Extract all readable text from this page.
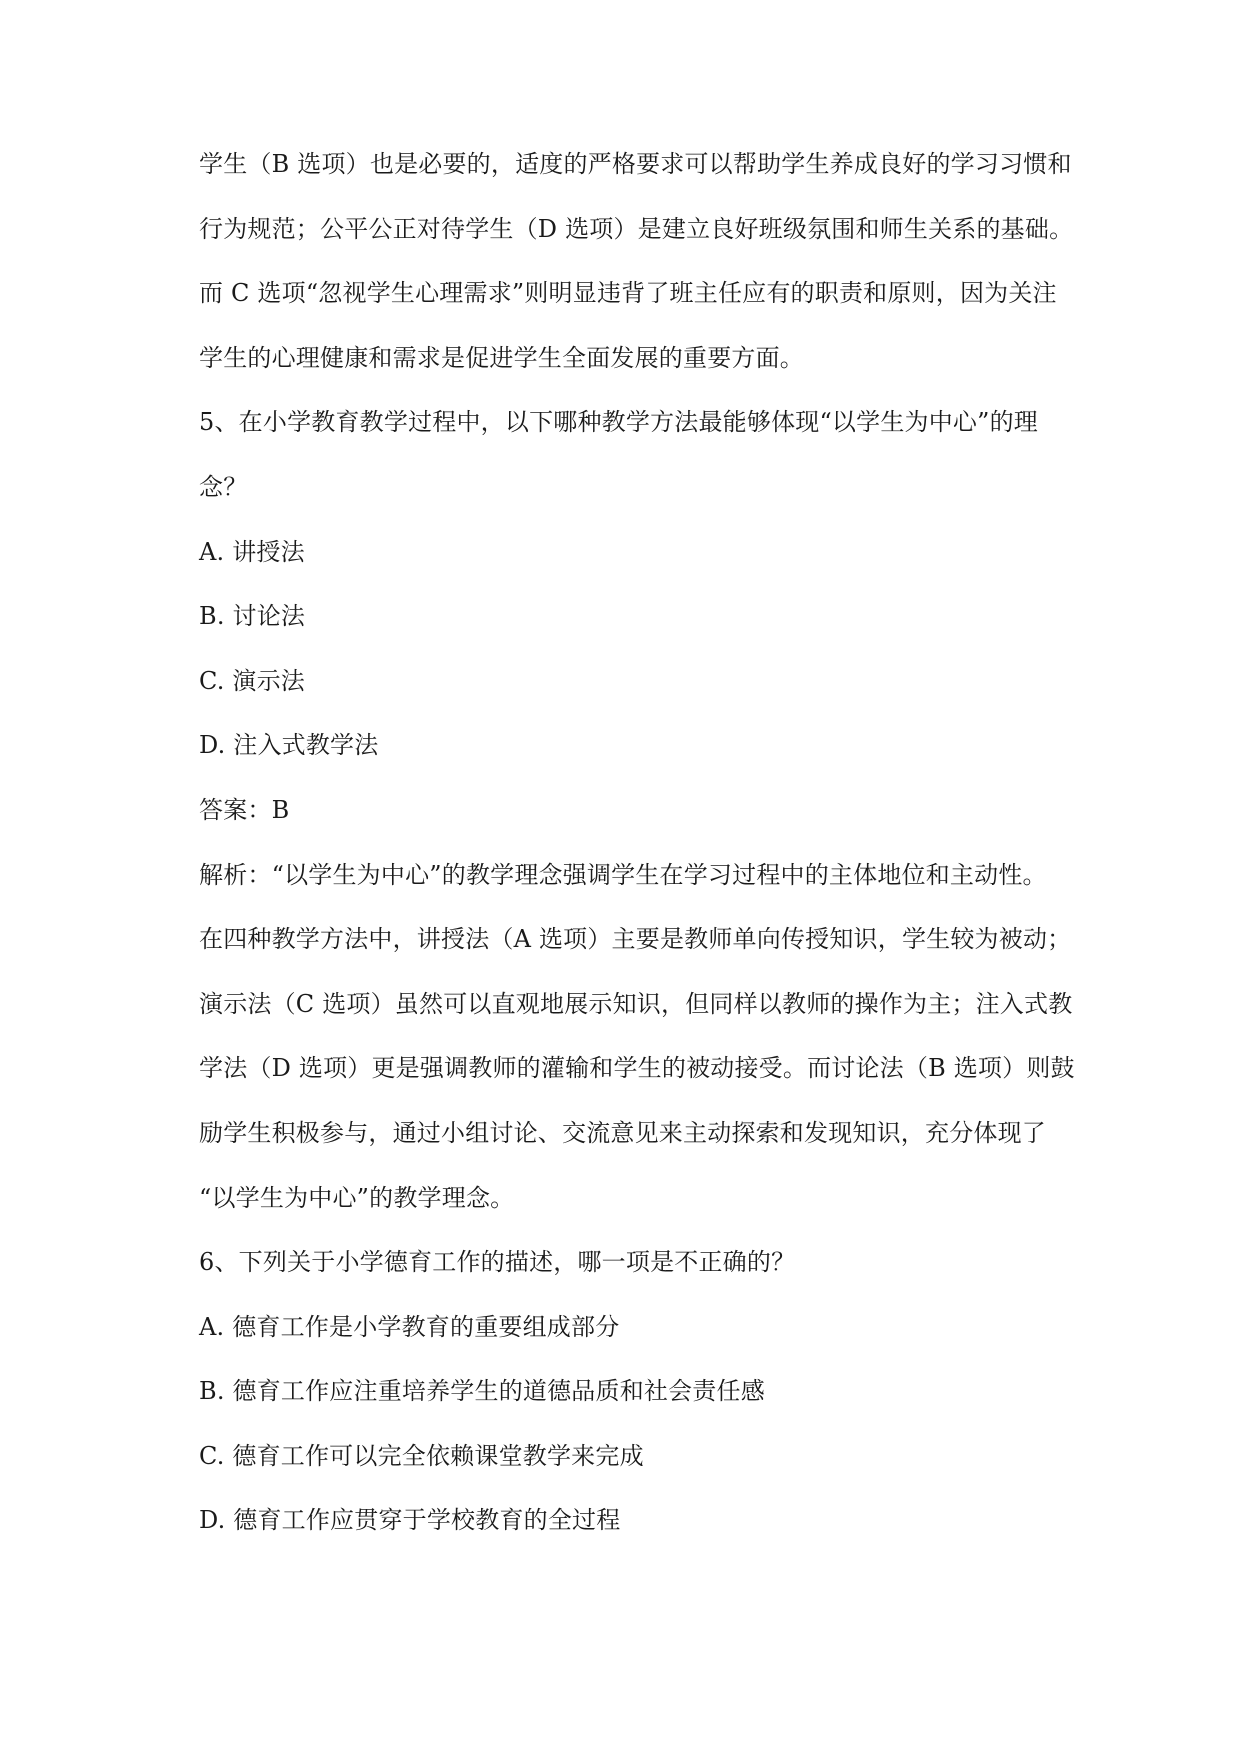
学生（B 选项）也是必要的，适度的严格要求可以帮助学生养成良好的学习习惯和
行为规范；公平公正对待学生（D 选项）是建立良好班级氛围和师生关系的基础。
而 C 选项“忽视学生心理需求”则明显违背了班主任应有的职责和原则，因为关注
学生的心理健康和需求是促进学生全面发展的重要方面。
5、在小学教育教学过程中，以下哪种教学方法最能够体现“以学生为中心”的理
念？
A. 讲授法
B. 讨论法
C. 演示法
D. 注入式教学法
答案：B
解析：“以学生为中心”的教学理念强调学生在学习过程中的主体地位和主动性。
在四种教学方法中，讲授法（A 选项）主要是教师单向传授知识，学生较为被动；
演示法（C 选项）虽然可以直观地展示知识，但同样以教师的操作为主；注入式教
学法（D 选项）更是强调教师的灌输和学生的被动接受。而讨论法（B 选项）则鼓
励学生积极参与，通过小组讨论、交流意见来主动探索和发现知识，充分体现了
“以学生为中心”的教学理念。
6、下列关于小学德育工作的描述，哪一项是不正确的？
A. 德育工作是小学教育的重要组成部分
B. 德育工作应注重培养学生的道德品质和社会责任感
C. 德育工作可以完全依赖课堂教学来完成
D. 德育工作应贯穿于学校教育的全过程
